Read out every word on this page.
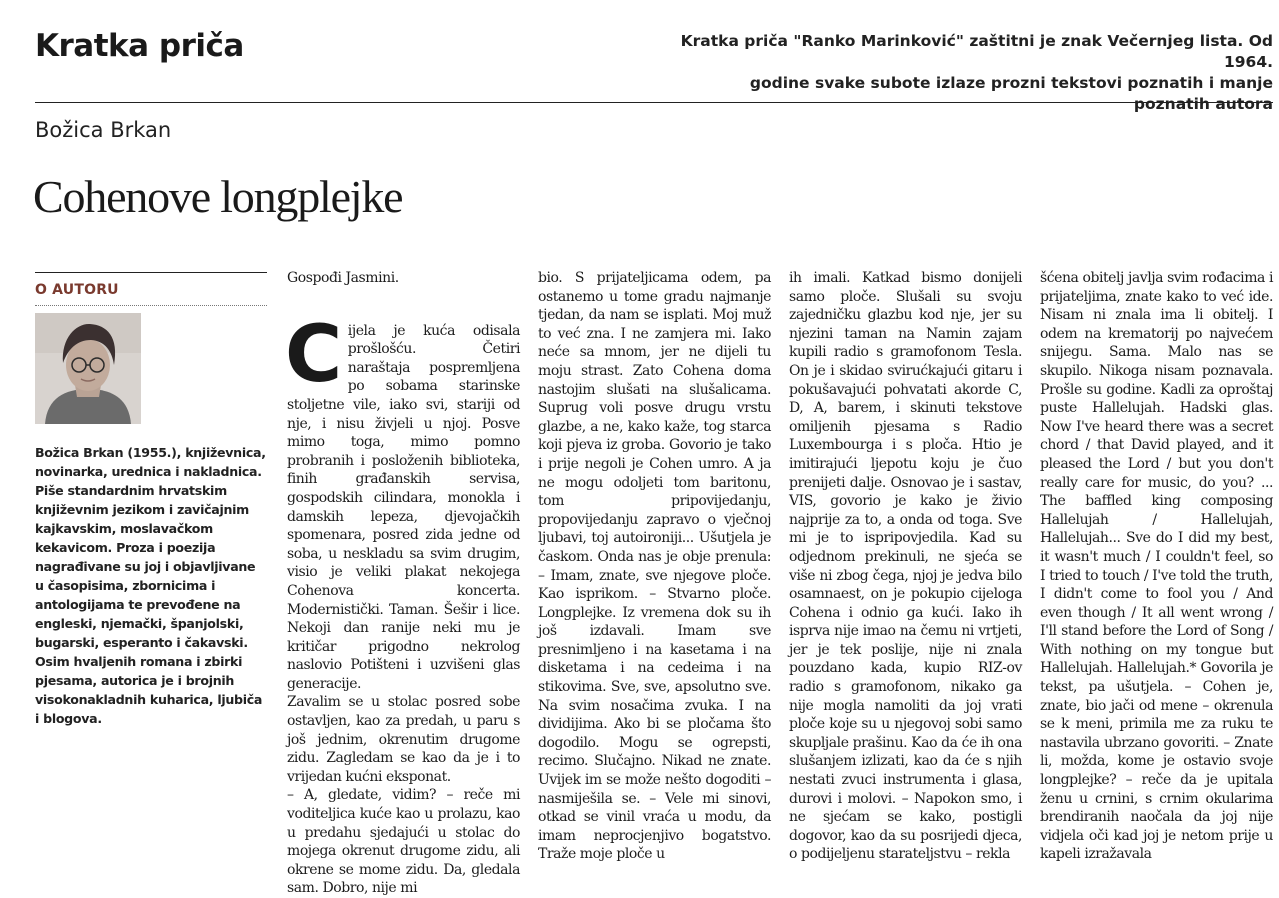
Kratka priča	Kratka priča "Ranko Marinković" zaštitni je znak Večernjeg lista. Od 1964.
godine svake subote izlaze prozni tekstovi poznatih i manje poznatih autora
Božica Brkan
Cohenove longplejke
O AUTORU
Božica Brkan (1955.), književnica, novinarka, urednica i nakladnica. Piše standardnim hrvatskim književnim jezikom i zavičajnim kajkavskim, moslavačkom kekavicom. Proza i poezija nagrađivane su joj i objavljivane u časopisima, zbornicima i antologijama te prevođene na engleski, njemački, španjolski, bugarski, esperanto i čakavski. Osim hvaljenih romana i zbirki pjesama, autorica je i brojnih visokonakladnih kuharica, ljubiča i blogova.

Gospođi Jasmini.

C ijela je kuća odisala prošlošću. Četiri naraštaja pospremljena po sobama starinske stoljetne vile, iako svi, stariji od nje, i nisu živjeli u njoj. Posve mimo toga, mimo pomno probranih i posloženih biblioteka, finih građanskih servisa, gospodskih cilindara, monokla i damskih lepeza, djevojačkih spomenara, posred zida jedne od soba, u neskladu sa svim drugim, visio je veliki plakat nekojega Cohenova koncerta. Modernistički. Taman. Šešir i lice. Nekoji dan ranije neki mu je kritičar prigodno nekrolog naslovio Potišteni i uzvišeni glas generacije.

Zavalim se u stolac posred sobe ostavljen, kao za predah, u paru s još jednim, okrenutim drugome zidu. Zagledam se kao da je i to vrijedan kućni eksponat.

– A, gledate, vidim? – reče mi voditeljica kuće kao u prolazu, kao u predahu sjedajući u stolac do mojega okrenut drugome zidu, ali okrene se mome zidu. Da, gledala sam. Dobro, nije mi

bio. S prijateljicama odem, pa ostanemo u tome gradu najmanje tjedan, da nam se isplati. Moj muž to već zna. I ne zamjera mi. Iako neće sa mnom, jer ne dijeli tu moju strast. Zato Cohena doma nastojim slušati na slušalicama. Suprug voli posve drugu vrstu glazbe, a ne, kako kaže, tog starca koji pjeva iz groba. Govorio je tako i prije negoli je Cohen umro. A ja ne mogu odoljeti tom baritonu, tom pripovijedanju, propovijedanju zapravo o vječnoj ljubavi, toj autoironiji... Ušutjela je časkom. Onda nas je obje prenula: – Imam, znate, sve njegove ploče. Kao isprikom. – Stvarno ploče. Longplejke. Iz vremena dok su ih još izdavali. Imam sve presnimljeno i na kasetama i na disketama i na cedeima i na stikovima. Sve, sve, apsolutno sve. Na svim nosačima zvuka. I na dividijima. Ako bi se pločama što dogodilo. Mogu se ogrepsti, recimo. Slučajno. Nikad ne znate. Uvijek im se može nešto dogoditi – nasmiješila se. – Vele mi sinovi, otkad se vinil vraća u modu, da imam neprocjenjivo bogatstvo. Traže moje ploče u

ih imali. Katkad bismo donijeli samo ploče. Slušali su svoju zajedničku glazbu kod nje, jer su njezini taman na Namin zajam kupili radio s gramofonom Tesla. On je i skidao svirućkajući gitaru i pokušavajući pohvatati akorde C, D, A, barem, i skinuti tekstove omiljenih pjesama s Radio Luxembourga i s ploča. Htio je imitirajući ljepotu koju je čuo prenijeti dalje. Osnovao je i sastav, VIS, govorio je kako je živio najprije za to, a onda od toga. Sve mi je to ispripovjedila. Kad su odjednom prekinuli, ne sjeća se više ni zbog čega, njoj je jedva bilo osamnaest, on je pokupio cijeloga Cohena i odnio ga kući. Iako ih isprva nije imao na čemu ni vrtjeti, jer je tek poslije, nije ni znala pouzdano kada, kupio RIZ-ov radio s gramofonom, nikako ga nije mogla namoliti da joj vrati ploče koje su u njegovoj sobi samo skupljale prašinu. Kao da će ih ona slušanjem izlizati, kao da će s njih nestati zvuci instrumenta i glasa, durovi i molovi. – Napokon smo, i ne sjećam se kako, postigli dogovor, kao da su posrijedi djeca, o podijeljenu starateljstvu – rekla

šćena obitelj javlja svim rođacima i prijateljima, znate kako to već ide. Nisam ni znala ima li obitelj. I odem na krematorij po najvećem snijegu. Sama. Malo nas se skupilo. Nikoga nisam poznavala. Prošle su godine. Kadli za oproštaj puste Hallelujah. Hadski glas. Now I've heard there was a secret chord / that David played, and it pleased the Lord / but you don't really care for music, do you? ... The baffled king composing Hallelujah / Hallelujah, Hallelujah... Sve do I did my best, it wasn't much / I couldn't feel, so I tried to touch / I've told the truth, I didn't come to fool you / And even though / It all went wrong / I'll stand before the Lord of Song / With nothing on my tongue but Hallelujah. Hallelujah.* Govorila je tekst, pa ušutjela. – Cohen je, znate, bio jači od mene – okrenula se k meni, primila me za ruku te nastavila ubrzano govoriti. – Znate li, možda, kome je ostavio svoje longplejke? – reče da je upitala ženu u crnini, s crnim okularima brendiranih naočala da joj nije vidjela oči kad joj je netom prije u kapeli izražavala
